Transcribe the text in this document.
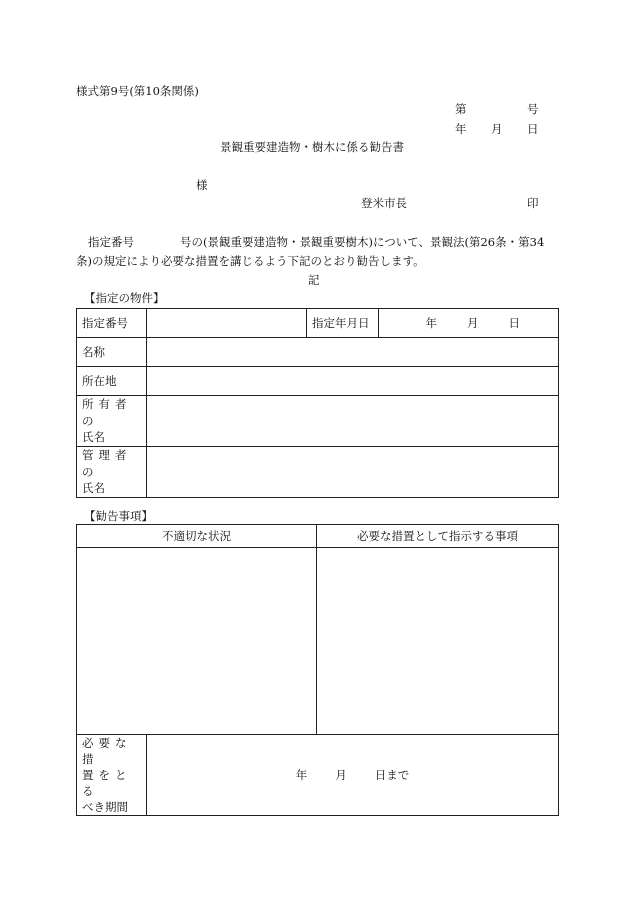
様式第9号(第10条関係)
第	号
年 月 日
景観重要建造物・樹木に係る勧告書
様
登米市長	印
指定番号　　　　号の(景観重要建造物・景観重要樹木)について、景観法(第26条・第34
条)の規定により必要な措置を講じるよう下記のとおり勧告します。
記
【指定の物件】
指定番号		指定年月日	年 月 日
名称			
所在地			

所有者の
氏名			

管理者の
氏名			

【勧告事項】
不適切な状況		必要な措置として指示する事項

必要な措
置をとる
べき期間	年 月 日まで	
